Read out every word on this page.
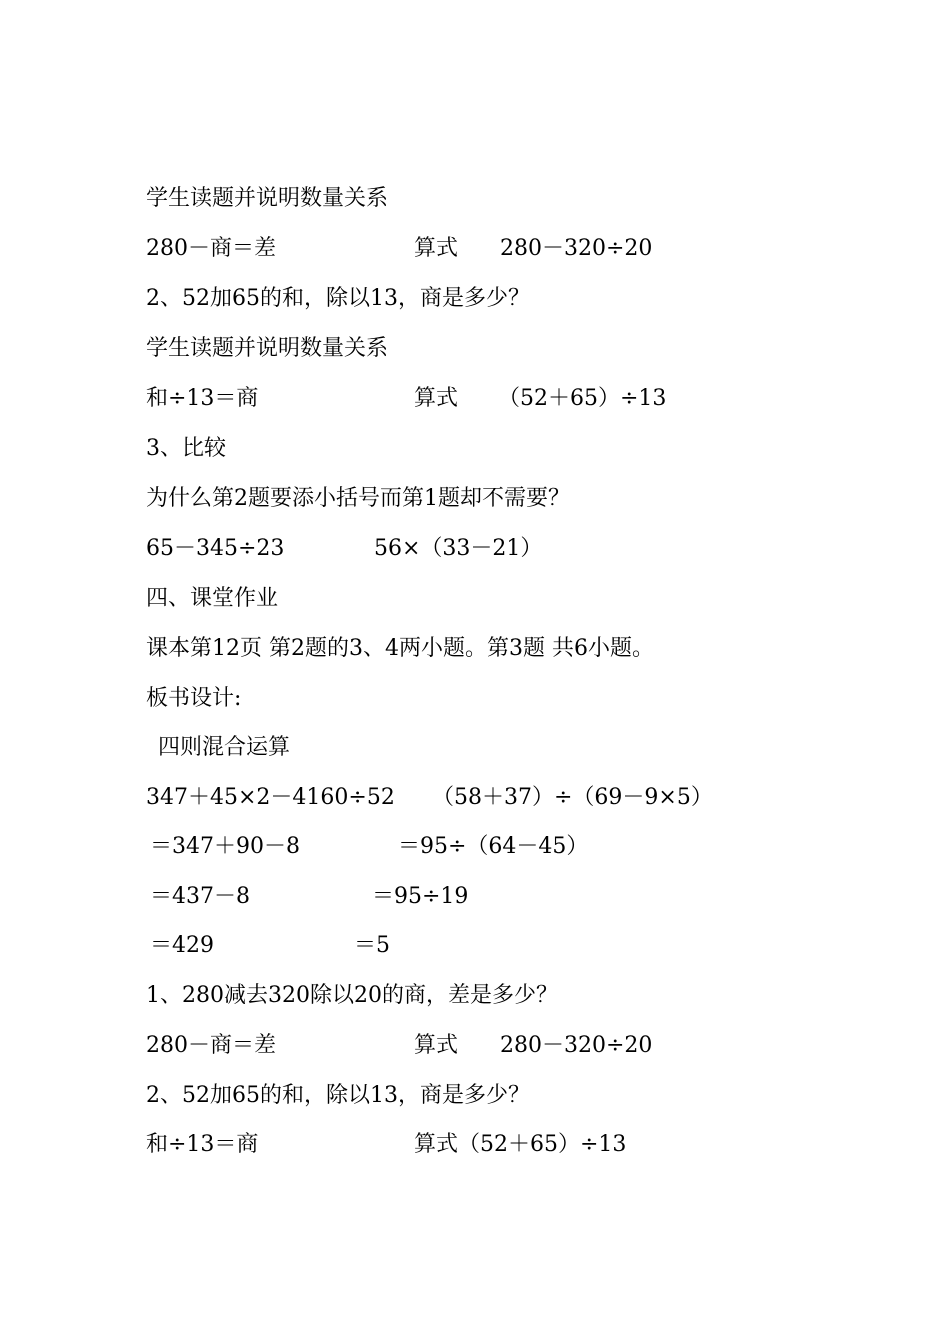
学生读题并说明数量关系
280－商＝差	算式 280－320÷20
2、52加65的和，除以13，商是多少？
学生读题并说明数量关系
和÷13＝商	算式 （52＋65）÷13
3、比较
为什么第2题要添小括号而第1题却不需要？
65－345÷23	56×（33－21）
四、课堂作业
课本第12页 第2题的3、4两小题。第3题 共6小题。
板书设计:
四则混合运算
347＋45×2－4160÷52 （58＋37）÷（69－9×5）
＝347＋90－8	＝95÷（64－45）
＝437－8	＝95÷19
＝429	＝5
1、280减去320除以20的商，差是多少？
280－商＝差	算式 280－320÷20
2、52加65的和，除以13，商是多少？
和÷13＝商	算式（52＋65）÷13
